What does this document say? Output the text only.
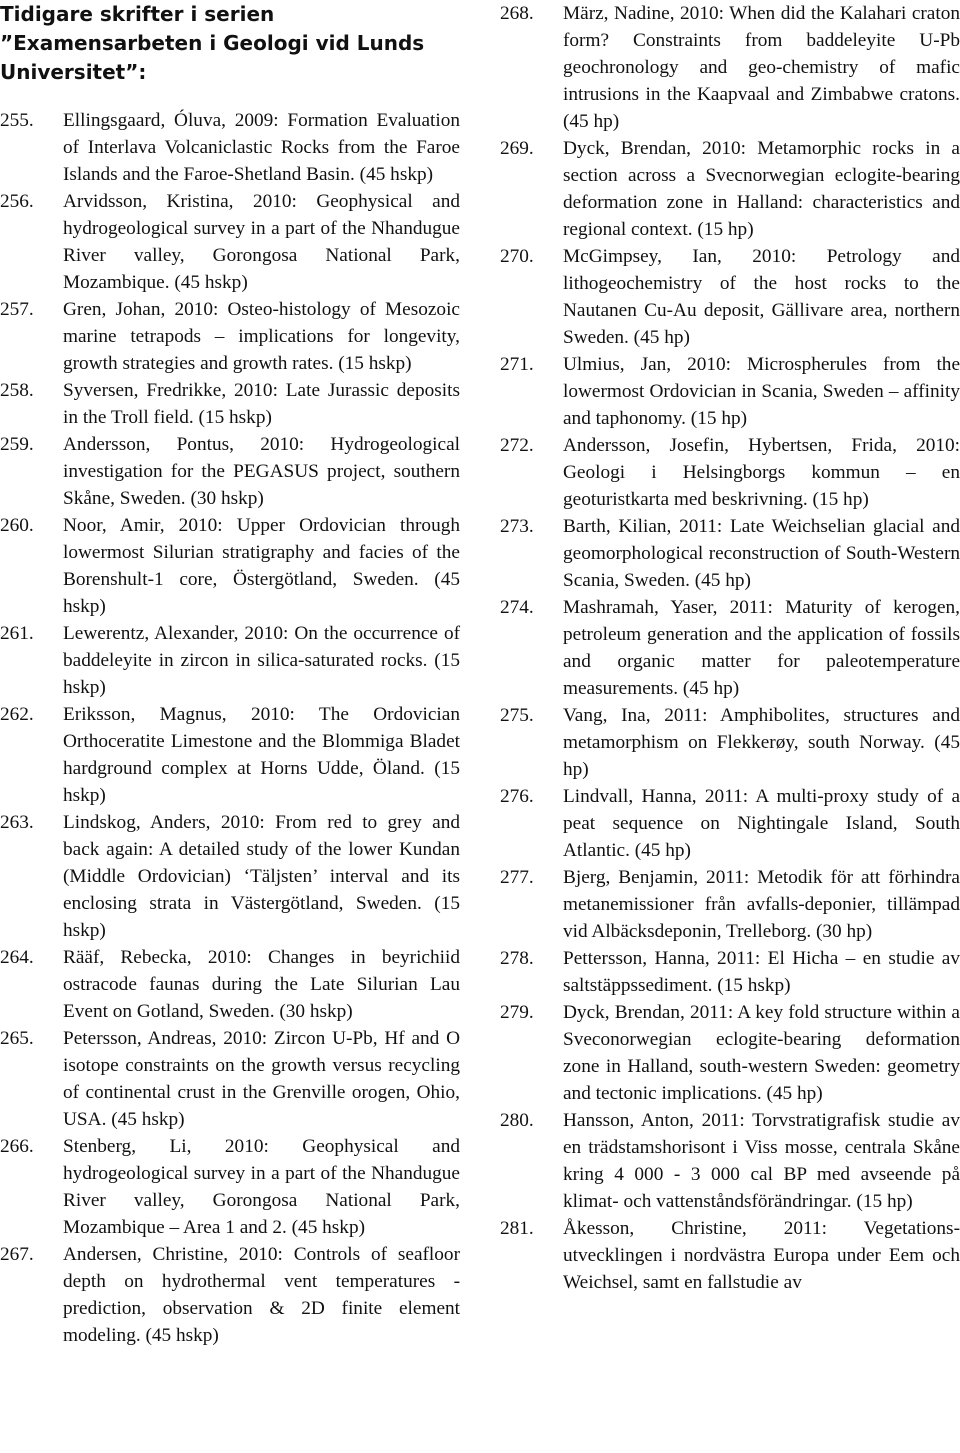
Tidigare skrifter i serien ”Examensarbeten i Geologi vid Lunds Universitet”:
255.	Ellingsgaard, Óluva, 2009: Formation Evaluation of Interlava Volcaniclastic Rocks from the Faroe Islands and the Faroe-Shetland Basin. (45 hskp)
256.	Arvidsson, Kristina, 2010: Geophysical and hydrogeological survey in a part of the Nhandugue River valley, Gorongosa National Park, Mozambique. (45 hskp)
257.	Gren, Johan, 2010: Osteo-histology of Mesozoic marine tetrapods – implications for longevity, growth strategies and growth rates. (15 hskp)
258.	Syversen, Fredrikke, 2010: Late Jurassic deposits in the Troll field. (15 hskp)
259.	Andersson, Pontus, 2010: Hydrogeological investigation for the PEGASUS project, southern Skåne, Sweden. (30 hskp)
260.	Noor, Amir, 2010: Upper Ordovician through lowermost Silurian stratigraphy and facies of the Borenshult-1 core, Östergötland, Sweden. (45 hskp)
261.	Lewerentz, Alexander, 2010: On the occurrence of baddeleyite in zircon in silica-saturated rocks. (15 hskp)
262.	Eriksson, Magnus, 2010: The Ordovician Orthoceratite Limestone and the Blommiga Bladet hardground complex at Horns Udde, Öland. (15 hskp)
263.	Lindskog, Anders, 2010: From red to grey and back again: A detailed study of the lower Kundan (Middle Ordovician) ‘Täljsten’ interval and its enclosing strata in Västergötland, Sweden. (15 hskp)
264.	Rääf, Rebecka, 2010: Changes in beyrichiid ostracode faunas during the Late Silurian Lau Event on Gotland, Sweden. (30 hskp)
265.	Petersson, Andreas, 2010: Zircon U-Pb, Hf and O isotope constraints on the growth versus recycling of continental crust in the Grenville orogen, Ohio, USA. (45 hskp)
266.	Stenberg, Li, 2010: Geophysical and hydrogeological survey in a part of the Nhandugue River valley, Gorongosa National Park, Mozambique – Area 1 and 2. (45 hskp)
267.	Andersen, Christine, 2010: Controls of seafloor depth on hydrothermal vent temperatures - prediction, observation & 2D finite element modeling. (45 hskp)
268.	März, Nadine, 2010: When did the Kalahari craton form? Constraints from baddeleyite U-Pb geochronology and geo-chemistry of mafic intrusions in the Kaapvaal and Zimbabwe cratons. (45 hp)
269.	Dyck, Brendan, 2010: Metamorphic rocks in a section across a Svecnorwegian eclogite-bearing deformation zone in Halland: characteristics and regional context. (15 hp)
270.	McGimpsey, Ian, 2010: Petrology and lithogeochemistry of the host rocks to the Nautanen Cu-Au deposit, Gällivare area, northern Sweden. (45 hp)
271.	Ulmius, Jan, 2010: Microspherules from the lowermost Ordovician in Scania, Sweden – affinity and taphonomy. (15 hp)
272.	Andersson, Josefin, Hybertsen, Frida, 2010: Geologi i Helsingborgs kommun – en geoturistkarta med beskrivning. (15 hp)
273.	Barth, Kilian, 2011: Late Weichselian glacial and geomorphological reconstruction of South-Western Scania, Sweden. (45 hp)
274.	Mashramah, Yaser, 2011: Maturity of kerogen, petroleum generation and the application of fossils and organic matter for paleotemperature measurements. (45 hp)
275.	Vang, Ina, 2011: Amphibolites, structures and metamorphism on Flekkerøy, south Norway. (45 hp)
276.	Lindvall, Hanna, 2011: A multi-proxy study of a peat sequence on Nightingale Island, South Atlantic. (45 hp)
277.	Bjerg, Benjamin, 2011: Metodik för att förhindra metanemissioner från avfalls-deponier, tillämpad vid Albäcksdeponin, Trelleborg. (30 hp)
278.	Pettersson, Hanna, 2011: El Hicha – en studie av saltstäppssediment. (15 hskp)
279.	Dyck, Brendan, 2011: A key fold structure within a Sveconorwegian eclogite-bearing deformation zone in Halland, south-western Sweden: geometry and tectonic implications. (45 hp)
280.	Hansson, Anton, 2011: Torvstratigrafisk studie av en trädstamshorisont i Viss mosse, centrala Skåne kring 4 000 - 3 000 cal BP med avseende på klimat- och vattenståndsförändringar. (15 hp)
281.	Åkesson, Christine, 2011: Vegetations-utvecklingen i nordvästra Europa under Eem och Weichsel, samt en fallstudie av
